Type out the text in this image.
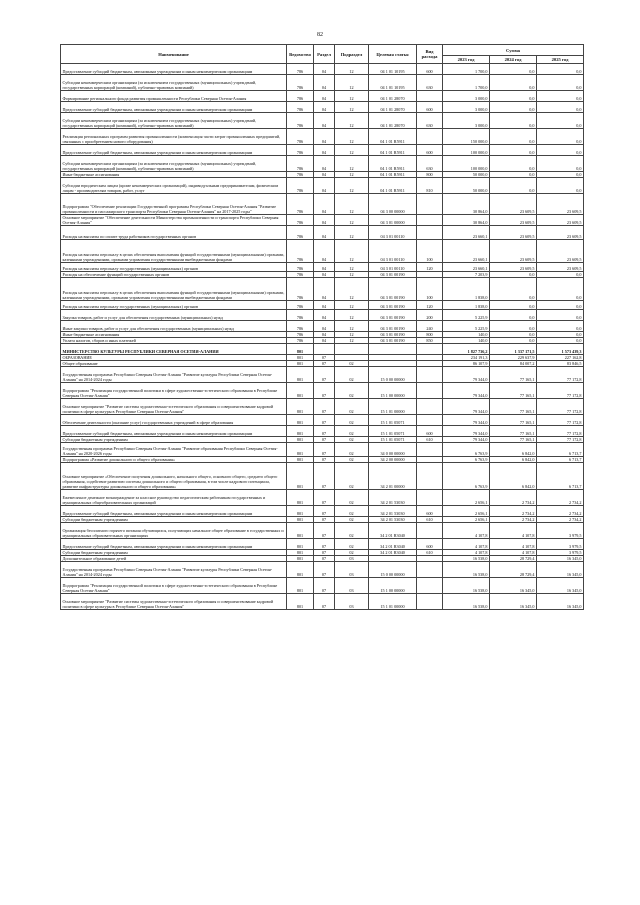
82
Наименование	Ведомство	Раздел	Подраздел	Целевая статья	Вид расхода	Сумма		
						2023 год	2024 год	2025 год
Предоставление субсидий бюджетным, автономным учреждениям и иным некоммерческим организациям	786	04	12	04 1 01 10195	600	1 700,0	0,0	0,0
Субсидии некоммерческим организациям (за исключением государственных (муниципальных) учреждений, государственных корпораций (компаний), публично-правовых компаний)	786	04	12	04 1 01 10195	630	1 700,0	0,0	0,0
Формирование регионального фонда развития промышленности Республики Северная Осетия-Алания	786	04	12	04 1 01 28070		3 000,0	0,0	0,0
Предоставление субсидий бюджетным, автономным учреждениям и иным некоммерческим организациям	786	04	12	04 1 01 28070	600	3 000,0	0,0	0,0
Субсидии некоммерческим организациям (за исключением государственных (муниципальных) учреждений, государственных корпораций (компаний), публично-правовых компаний)	786	04	12	04 1 01 28070	630	3 000,0	0,0	0,0
Реализация региональных программ развития промышленности (компенсация части затрат промышленных предприятий, связанных с приобретением нового оборудования)	786	04	12	04 1 01 R5911		150 000,0	0,0	0,0
Предоставление субсидий бюджетным, автономным учреждениям и иным некоммерческим организациям	786	04	12	04 1 01 R5911	600	100 000,0	0,0	0,0
Субсидии некоммерческим организациям (за исключением государственных (муниципальных) учреждений, государственных корпораций (компаний), публично-правовых компаний)	786	04	12	04 1 01 R5911	630	100 000,0	0,0	0,0
Иные бюджетные ассигнования	786	04	12	04 1 01 R5911	800	50 000,0	0,0	0,0
Субсидии юридическим лицам (кроме некоммерческих организаций), индивидуальным предпринимателям, физическим лицам - производителям товаров, работ, услуг	786	04	12	04 1 01 R5911	810	50 000,0	0,0	0,0
Подпрограмма "Обеспечение реализации Государственной программы Республики Северная Осетия-Алания "Развитие промышленности и пассажирского транспорта Республики Северная Осетия-Алания" на 2017-2025 годы"	786	04	12	04 3 00 00000		30 864,0	23 609,5	23 609,5
Основное мероприятие "Обеспечение деятельности Министерства промышленности и транспорта Республики Северная Осетия-Алания"	786	04	12	04 3 01 00000		30 864,0	23 609,5	23 609,5
Расходы на выплаты по оплате труда работников государственных органов	786	04	12	04 3 01 00110		23 660,1	23 609,5	23 609,5
Расходы на выплаты персоналу в целях обеспечения выполнения функций государственными (муниципальными) органами, казенными учреждениями, органами управления государственными внебюджетными фондами	786	04	12	04 3 01 00110	100	23 660,1	23 609,5	23 609,5
Расходы на выплаты персоналу государственных (муниципальных) органов	786	04	12	04 3 01 00110	120	23 660,1	23 609,5	23 609,5
Расходы на обеспечение функций государственных органов	786	04	12	04 3 01 00190		7 203,9	0,0	0,0
Расходы на выплаты персоналу в целях обеспечения выполнения функций государственными (муниципальными) органами, казенными учреждениями, органами управления государственными внебюджетными фондами	786	04	12	04 3 01 00190	100	1 838,0	0,0	0,0
Расходы на выплаты персоналу государственных (муниципальных) органов	786	04	12	04 3 01 00190	120	1 838,0	0,0	0,0
Закупка товаров, работ и услуг для обеспечения государственных (муниципальных) нужд	786	04	12	04 3 01 00190	200	5 225,9	0,0	0,0
Иные закупки товаров, работ и услуг для обеспечения государственных (муниципальных) нужд	786	04	12	04 3 01 00190	240	5 225,9	0,0	0,0
Иные бюджетные ассигнования	786	04	12	04 3 01 00190	800	140,0	0,0	0,0
Уплата налогов, сборов и иных платежей	786	04	12	04 3 01 00190	850	140,0	0,0	0,0
МИНИСТЕРСТВО КУЛЬТУРЫ РЕСПУБЛИКИ СЕВЕРНАЯ ОСЕТИЯ-АЛАНИЯ	801					1 827 736,2	1 337 171,5	1 573 439,3
ОБРАЗОВАНИЕ	801	07				234 191,3	229 637,9	227 162,8
Общее образование	801	07	02			86 107,9	84 007,2	83 846,5
Государственная программа Республики Северная Осетия-Алания "Развитие культуры Республики Северная Осетия-Алания" на 2014-2024 годы	801	07	02	15 0 00 00000		79 344,0	77 165,1	77 172,8
Подпрограмма "Реализация государственной политики в сфере художественно-эстетического образования в Республике Северная Осетия-Алания"	801	07	02	15 1 00 00000		79 344,0	77 165,1	77 172,8
Основное мероприятие "Развитие системы художественно-эстетического образования и совершенствование кадровой политики в сфере культуры в Республике Северная Осетия-Алания"	801	07	02	15 1 01 00000		79 344,0	77 165,1	77 172,8
Обеспечение деятельности (оказание услуг) государственных учреждений в сфере образования	801	07	02	15 1 01 05071		79 344,0	77 165,1	77 172,8
Предоставление субсидий бюджетным, автономным учреждениям и иным некоммерческим организациям	801	07	02	15 1 01 05071	600	79 344,0	77 165,1	77 172,8
Субсидии бюджетным учреждениям	801	07	02	15 1 01 05071	610	79 344,0	77 165,1	77 172,8
Государственная программа Республики Северная Осетия-Алания "Развитие образования Республики Северная Осетия-Алания" на 2020-2026 годы	801	07	02	34 0 00 00000		6 763,9	6 842,0	6 713,7
Подпрограмма «Развитие дошкольного и общего образования»	801	07	02	34 2 00 00000		6 763,9	6 842,0	6 713,7
Основное мероприятие «Обеспечение получения дошкольного, начального общего, основного общего, среднего общего образования, содействие развитию системы дошкольного и общего образования, в том числе кадрового потенциала, развитие инфраструктуры дошкольного и общего образования»	801	07	02	34 2 01 00000		6 763,9	6 842,0	6 713,7
Ежемесячное денежное вознаграждение за классное руководство педагогическим работникам государственных и муниципальных общеобразовательных организаций	801	07	02	34 2 01 53030		2 656,1	2 734,2	2 734,2
Предоставление субсидий бюджетным, автономным учреждениям и иным некоммерческим организациям	801	07	02	34 2 01 53030	600	2 656,1	2 734,2	2 734,2
Субсидии бюджетным учреждениям	801	07	02	34 2 01 53030	610	2 656,1	2 734,2	2 734,2
Организация бесплатного горячего питания обучающихся, получающих начальное общее образование в государственных и муниципальных образовательных организациях	801	07	02	34 2 01 R3040		4 107,8	4 107,8	3 979,5
Предоставление субсидий бюджетным, автономным учреждениям и иным некоммерческим организациям	801	07	02	34 2 01 R3040	600	4 107,8	4 107,8	3 979,5
Субсидии бюджетным учреждениям	801	07	02	34 2 01 R3040	610	4 107,8	4 107,8	3 979,5
Дополнительное образование детей	801	07	03			16 538,0	28 729,4	16 345,0
Государственная программа Республики Северная Осетия-Алания "Развитие культуры Республики Северная Осетия-Алания" на 2014-2024 годы	801	07	03	15 0 00 00000		16 538,0	28 729,4	16 345,0
Подпрограмма "Реализация государственной политики в сфере художественно-эстетического образования в Республике Северная Осетия-Алания"	801	07	03	15 1 00 00000		16 538,0	16 345,0	16 345,0
Основное мероприятие "Развитие системы художественно-эстетического образования и совершенствование кадровой политики в сфере культуры в Республике Северная Осетия-Алания"	801	07	03	15 1 01 00000		16 538,0	16 345,0	16 345,0
